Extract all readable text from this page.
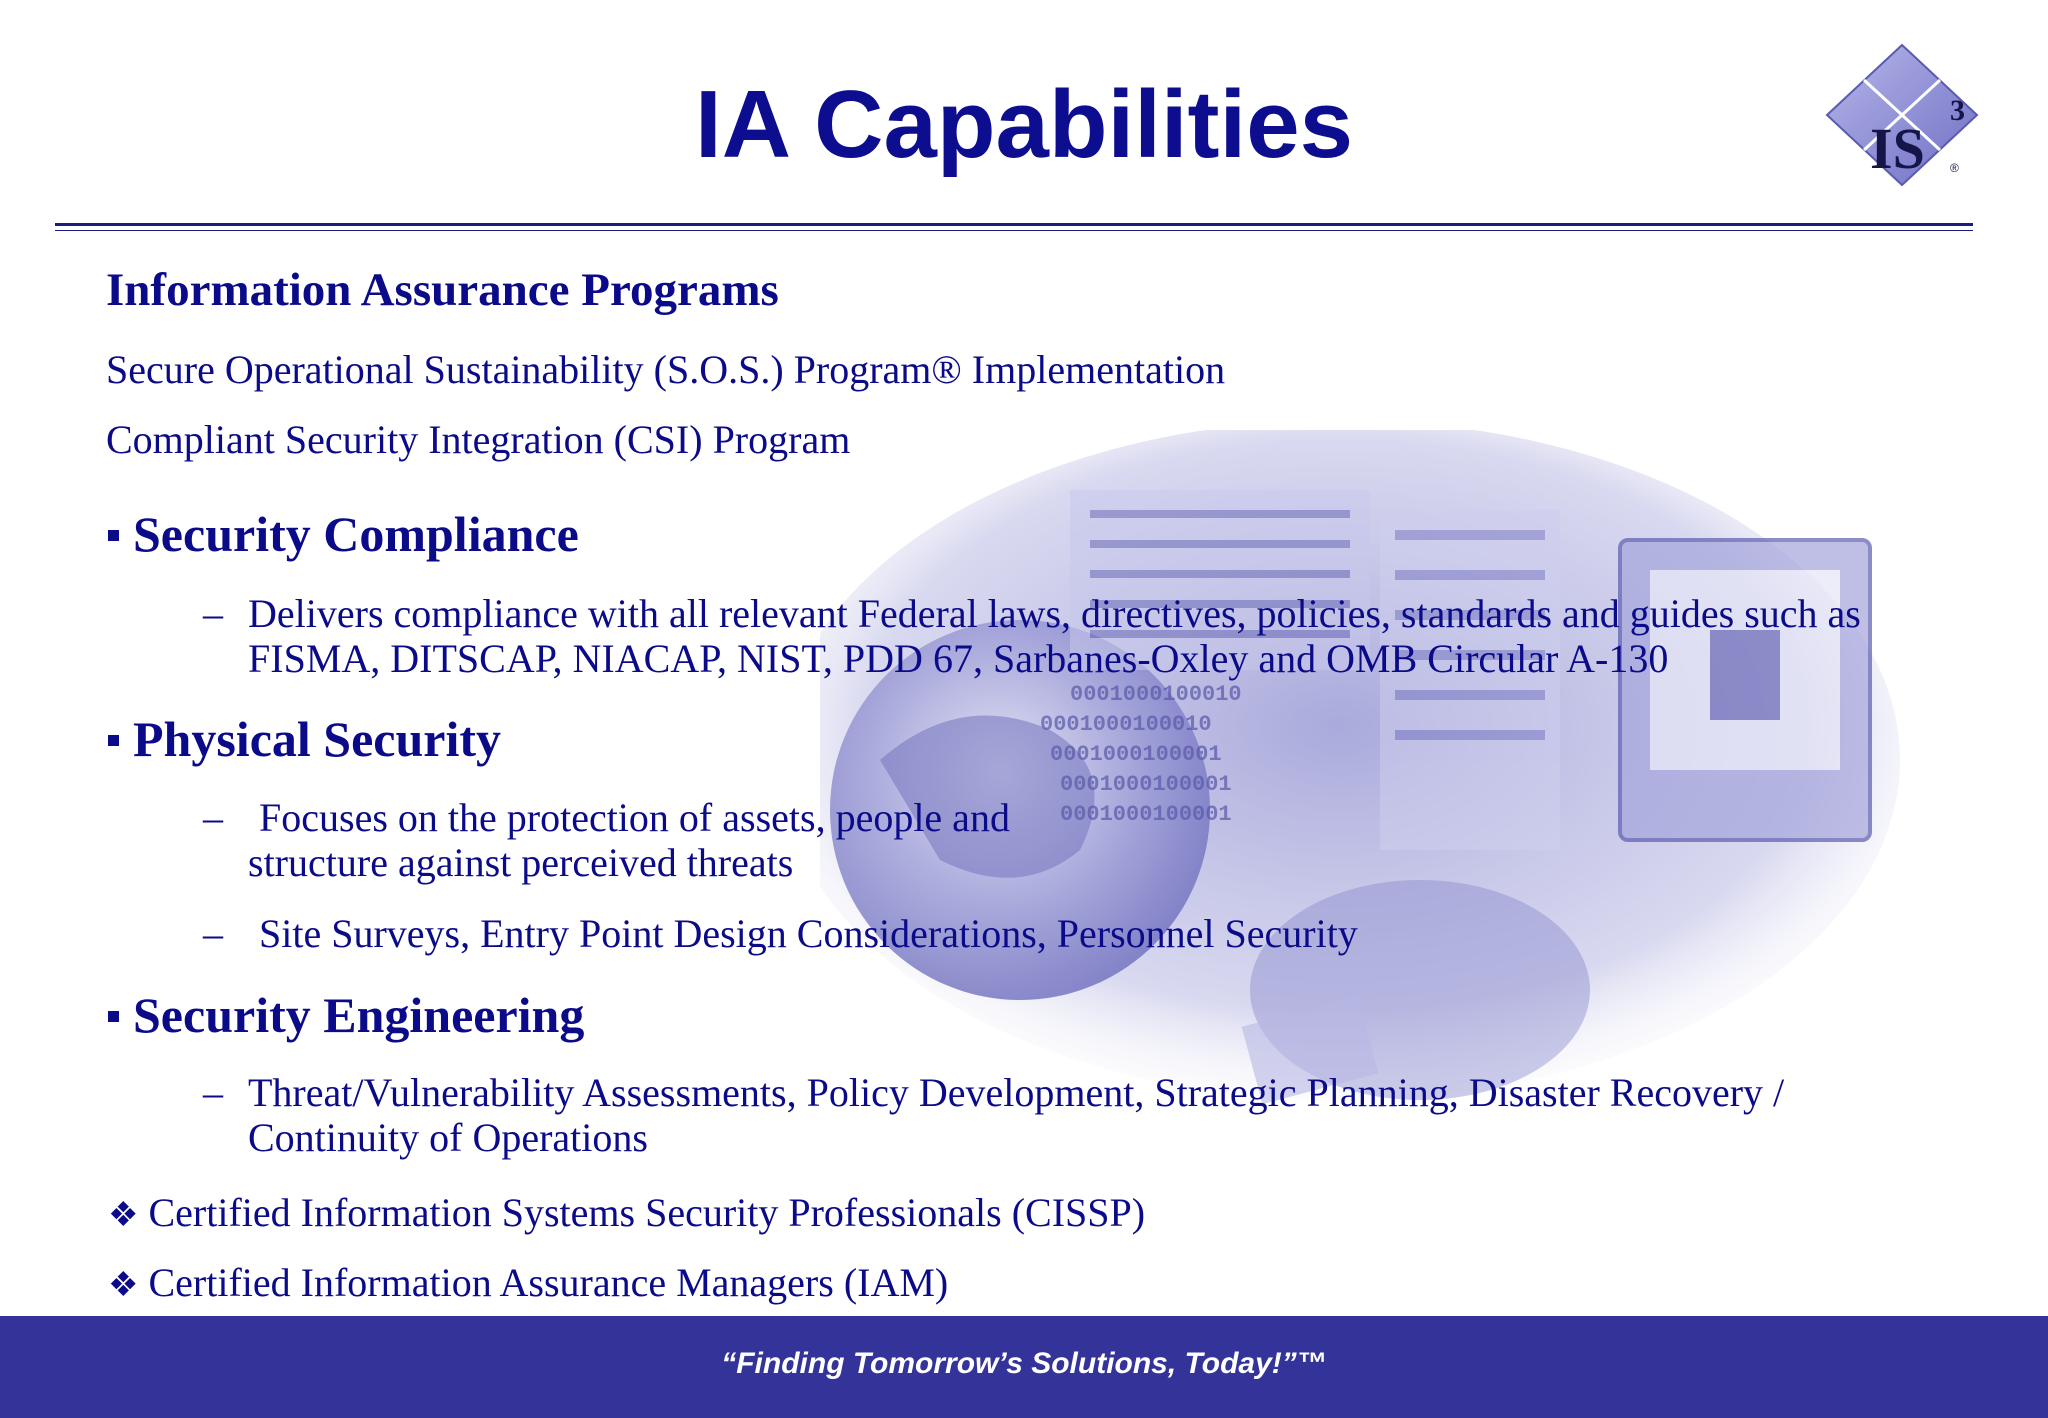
IA Capabilities	IS
3
®
0001000100010
0001000100010
0001000100001
0001000100001
0001000100001
Information Assurance Programs
Secure Operational Sustainability (S.O.S.) Program® Implementation
Compliant Security Integration (CSI) Program
Security Compliance
– Delivers compliance with all relevant Federal laws, directives, policies, standards and guides such as
FISMA, DITSCAP, NIACAP, NIST, PDD 67, Sarbanes-Oxley and OMB Circular A-130
Physical Security
– Focuses on the protection of assets, people and
structure against perceived threats
– Site Surveys, Entry Point Design Considerations, Personnel Security
Security Engineering
– Threat/Vulnerability Assessments, Policy Development, Strategic Planning, Disaster Recovery /
Continuity of Operations
❖ Certified Information Systems Security Professionals (CISSP)
❖ Certified Information Assurance Managers (IAM)
“Finding Tomorrow’s Solutions, Today!”™
